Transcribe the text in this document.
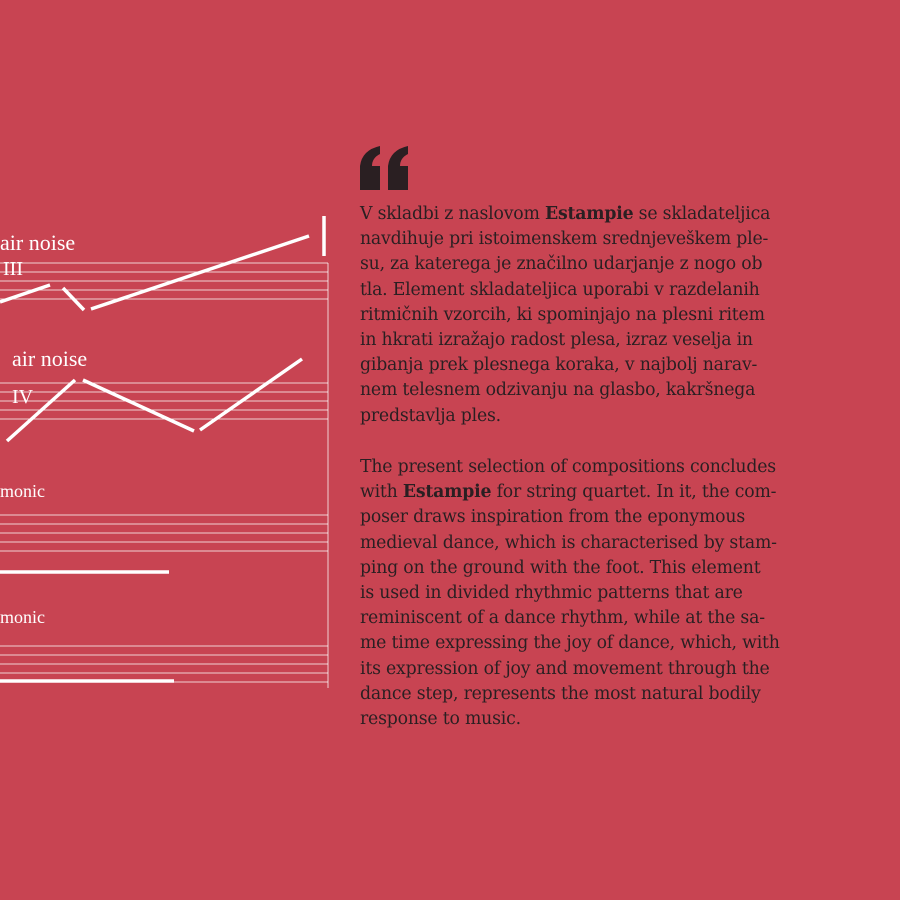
air noise
III
air noise
IV
monic
monic

V skladbi z naslovom Estampie se skladateljica
navdihuje pri istoimenskem srednjeveškem ple-
su, za katerega je značilno udarjanje z nogo ob
tla. Element skladateljica uporabi v razdelanih
ritmičnih vzorcih, ki spominjajo na plesni ritem
in hkrati izražajo radost plesa, izraz veselja in
gibanja prek plesnega koraka, v najbolj narav-
nem telesnem odzivanju na glasbo, kakršnega
predstavlja ples.

The present selection of compositions concludes
with Estampie for string quartet. In it, the com-
poser draws inspiration from the eponymous
medieval dance, which is characterised by stam-
ping on the ground with the foot. This element
is used in divided rhythmic patterns that are
reminiscent of a dance rhythm, while at the sa-
me time expressing the joy of dance, which, with
its expression of joy and movement through the
dance step, represents the most natural bodily
response to music.
